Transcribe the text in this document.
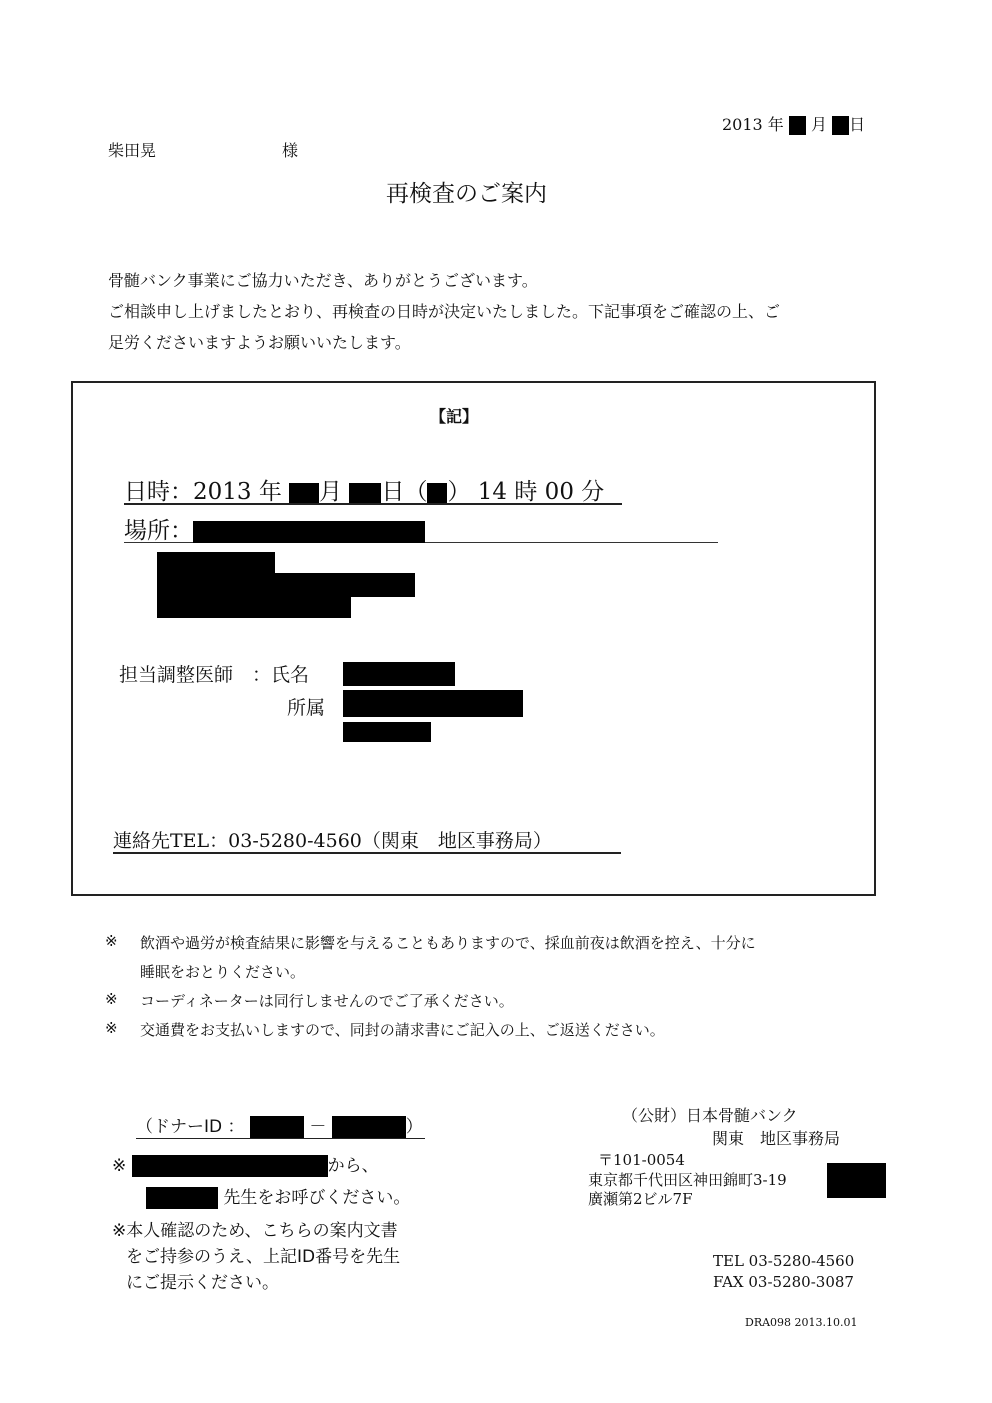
2013 年 月 日
柴田晃	様
再検査のご案内
骨髄バンク事業にご協力いただき、ありがとうございます。
ご相談申し上げましたとおり、再検査の日時が決定いたしました。下記事項をご確認の上、ご
足労くださいますようお願いいたします。
【記】
日時：2013 年 月 日（ ） 14 時 00 分
場所：
担当調整医師　：氏名
所属
連絡先TEL：03-5280-4560（関東　地区事務局）
※ 飲酒や過労が検査結果に影響を与えることもありますので、採血前夜は飲酒を控え、十分に
睡眠をおとりください。
※ コーディネーターは同行しませんのでご了承ください。
※ 交通費をお支払いしますので、同封の請求書にご記入の上、ご返送ください。
（ドナーID ：	－	）
※	から、
先生をお呼びください。
※本人確認のため、こちらの案内文書
をご持参のうえ、上記ID番号を先生
にご提示ください。
（公財）日本骨髄バンク
関東　地区事務局
〒101-0054
東京都千代田区神田錦町3-19
廣瀬第2ビル7F
TEL 03-5280-4560
FAX 03-5280-3087
DRA098 2013.10.01
